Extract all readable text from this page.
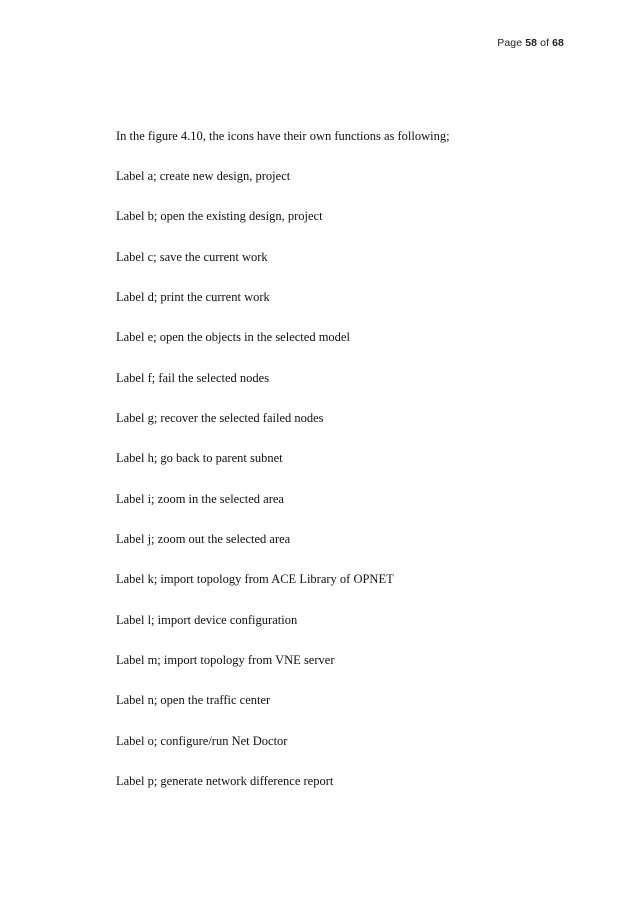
Page 58 of 68
In the figure 4.10, the icons have their own functions as following;
Label a; create new design, project
Label b; open the existing design, project
Label c; save the current work
Label d; print the current work
Label e; open the objects in the selected model
Label f; fail the selected nodes
Label g; recover the selected failed nodes
Label h; go back to parent subnet
Label i; zoom in the selected area
Label j; zoom out the selected area
Label k; import topology from ACE Library of OPNET
Label l; import device configuration
Label m; import topology from VNE server
Label n; open the traffic center
Label o; configure/run Net Doctor
Label p; generate network difference report
